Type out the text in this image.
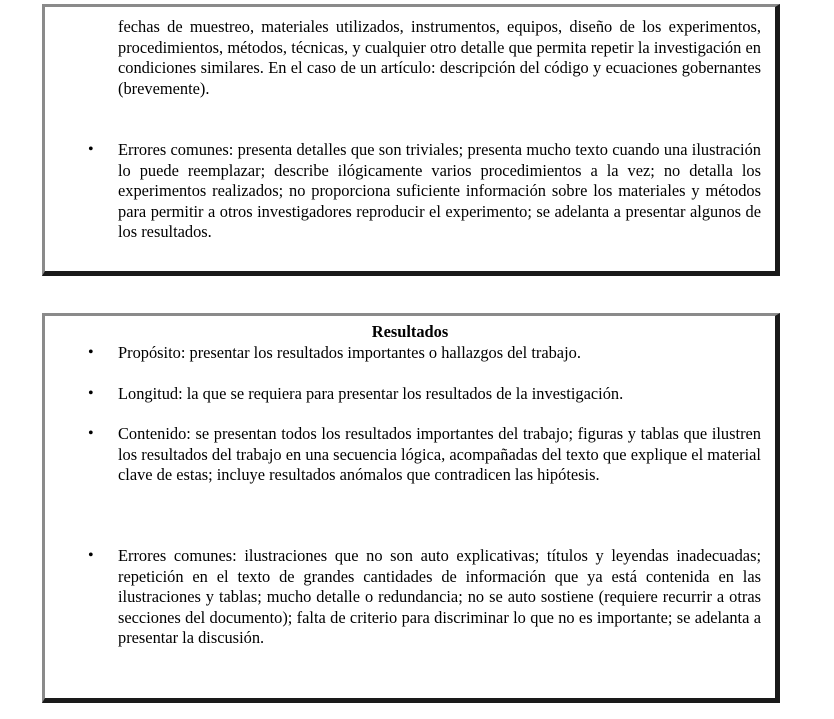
fechas de muestreo, materiales utilizados, instrumentos, equipos, diseño de los experimentos, procedimientos, métodos, técnicas, y cualquier otro detalle que permita repetir la investigación en condiciones similares. En el caso de un artículo: descripción del código y ecuaciones gobernantes (brevemente).
• Errores comunes: presenta detalles que son triviales; presenta mucho texto cuando una ilustración lo puede reemplazar; describe ilógicamente varios procedimientos a la vez; no detalla los experimentos realizados; no proporciona suficiente información sobre los materiales y métodos para permitir a otros investigadores reproducir el experimento; se adelanta a presentar algunos de los resultados.
Resultados
• Propósito: presentar los resultados importantes o hallazgos del trabajo.
• Longitud: la que se requiera para presentar los resultados de la investigación.
• Contenido: se presentan todos los resultados importantes del trabajo; figuras y tablas que ilustren los resultados del trabajo en una secuencia lógica, acompañadas del texto que explique el material clave de estas; incluye resultados anómalos que contradicen las hipótesis.
• Errores comunes: ilustraciones que no son auto explicativas; títulos y leyendas inadecuadas; repetición en el texto de grandes cantidades de información que ya está contenida en las ilustraciones y tablas; mucho detalle o redundancia; no se auto sostiene (requiere recurrir a otras secciones del documento); falta de criterio para discriminar lo que no es importante; se adelanta a presentar la discusión.
